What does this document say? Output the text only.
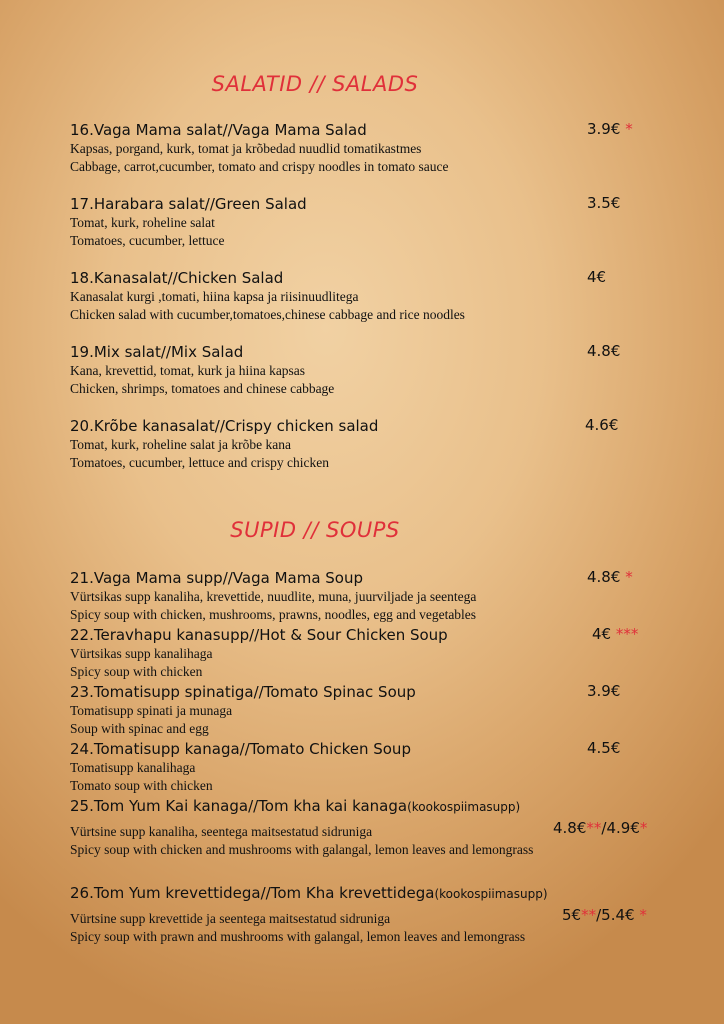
SALATID // SALADS
16.Vaga Mama salat//Vaga Mama Salad
Kapsas, porgand, kurk, tomat ja krõbedad nuudlid tomatikastmes
Cabbage, carrot,cucumber, tomato and crispy noodles in tomato sauce
3.9€ *
17.Harabara salat//Green Salad
Tomat, kurk, roheline salat
Tomatoes, cucumber, lettuce
3.5€
18.Kanasalat//Chicken Salad
Kanasalat kurgi ,tomati, hiina kapsa ja riisinuudlitega
Chicken salad with cucumber,tomatoes,chinese cabbage and rice noodles
4€
19.Mix salat//Mix Salad
Kana, krevettid, tomat, kurk ja hiina kapsas
Chicken, shrimps, tomatoes and chinese cabbage
4.8€
20.Krõbe kanasalat//Crispy chicken salad
Tomat, kurk, roheline salat ja krõbe kana
Tomatoes, cucumber, lettuce and crispy chicken
4.6€
SUPID // SOUPS
21.Vaga Mama supp//Vaga Mama Soup
Vürtsikas supp kanaliha, krevettide, nuudlite, muna, juurviljade ja seentega
Spicy soup with chicken, mushrooms, prawns, noodles, egg and vegetables
4.8€ *
22.Teravhapu kanasupp//Hot & Sour Chicken Soup
Vürtsikas supp kanalihaga
Spicy soup with chicken
4€ ***
23.Tomatisupp spinatiga//Tomato Spinac Soup
Tomatisupp spinati ja munaga
Soup with spinac and egg
3.9€
24.Tomatisupp kanaga//Tomato Chicken Soup
Tomatisupp kanalihaga
Tomato soup with chicken
4.5€
25.Tom Yum Kai kanaga//Tom kha kai kanaga(kookospiimasupp)
Vürtsine supp kanaliha, seentega maitsestatud sidruniga
Spicy soup with chicken and mushrooms with galangal, lemon leaves and lemongrass
4.8€**/4.9€*
26.Tom Yum krevettidega//Tom Kha krevettidega(kookospiimasupp)
Vürtsine supp krevettide ja seentega maitsestatud sidruniga
Spicy soup with prawn and mushrooms with galangal, lemon leaves and lemongrass
5€**/5.4€ *
